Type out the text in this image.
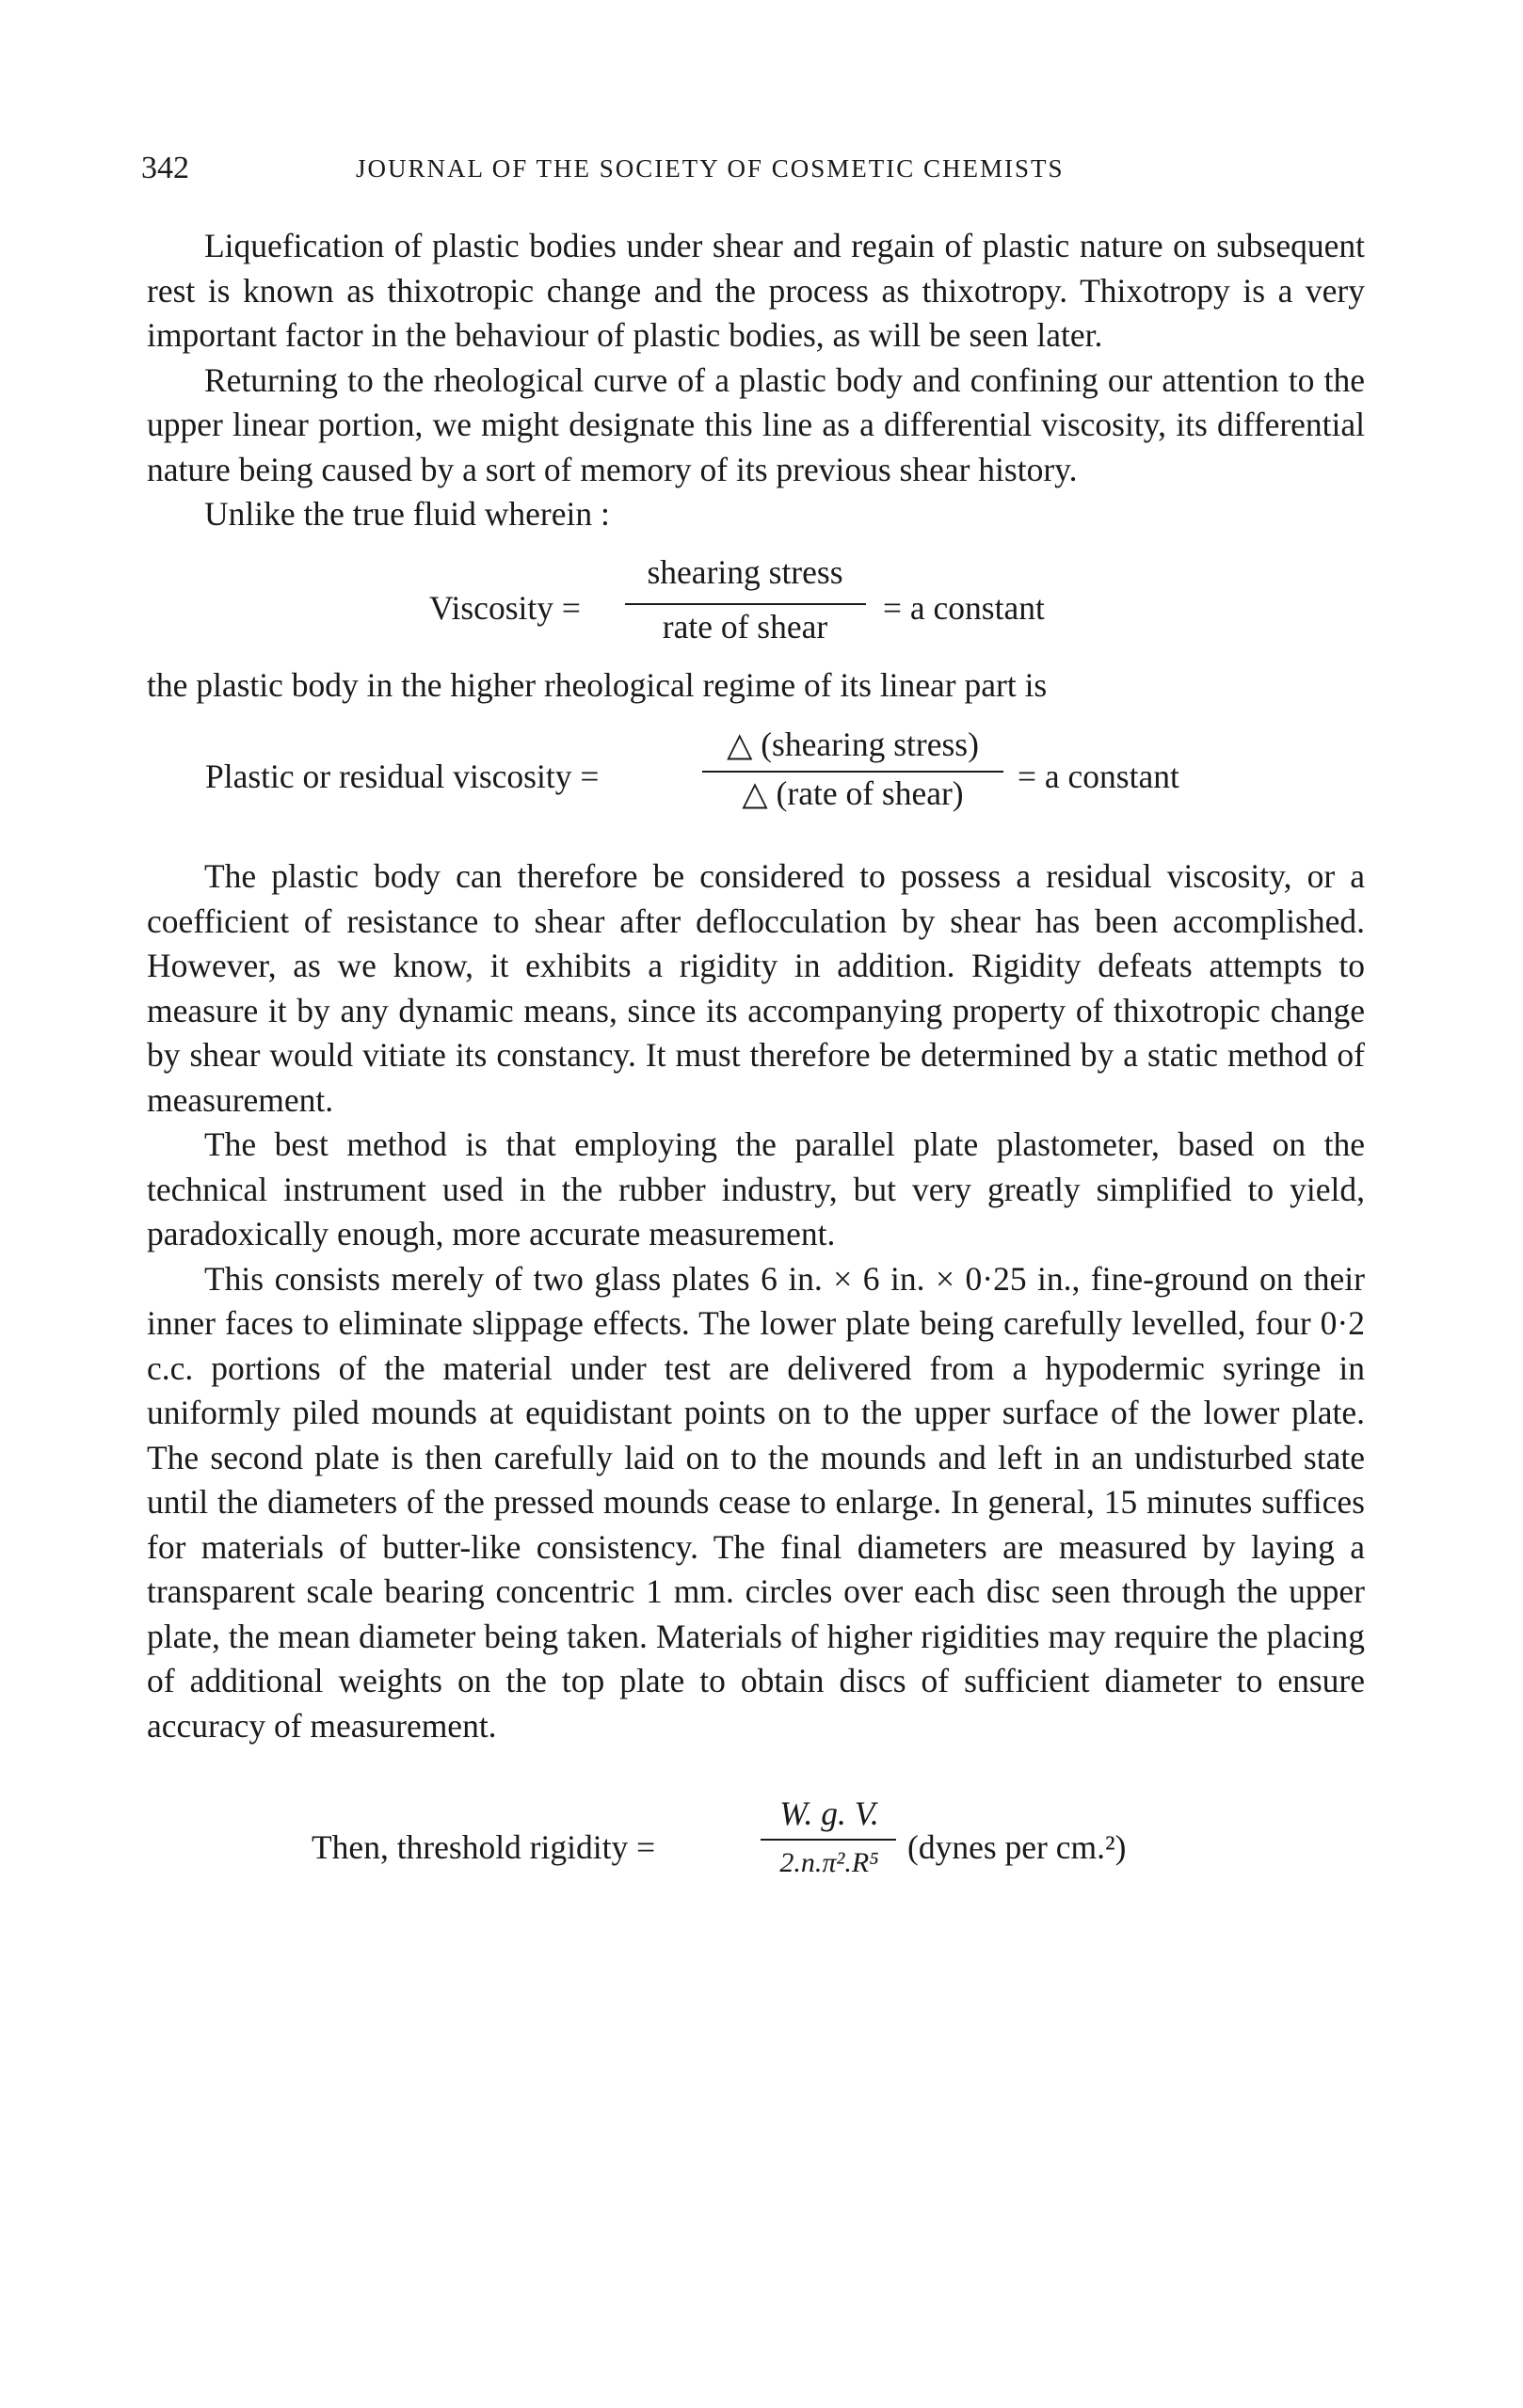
342	JOURNAL OF THE SOCIETY OF COSMETIC CHEMISTS

Liquefication of plastic bodies under shear and regain of plastic nature on subsequent rest is known as thixotropic change and the process as thixotropy. Thixotropy is a very important factor in the behaviour of plastic bodies, as will be seen later.

Returning to the rheological curve of a plastic body and confining our attention to the upper linear portion, we might designate this line as a differential viscosity, its differential nature being caused by a sort of memory of its previous shear history.

Unlike the true fluid wherein :

Viscosity =
shearing stress
rate of shear	= a constant

the plastic body in the higher rheological regime of its linear part is

Plastic or residual viscosity =
△ (shearing stress)
△ (rate of shear)	= a constant

The plastic body can therefore be considered to possess a residual viscosity, or a coefficient of resistance to shear after deflocculation by shear has been accomplished. However, as we know, it exhibits a rigidity in addition. Rigidity defeats attempts to measure it by any dynamic means, since its accompanying property of thixotropic change by shear would vitiate its constancy. It must therefore be determined by a static method of measurement.

The best method is that employing the parallel plate plastometer, based on the technical instrument used in the rubber industry, but very greatly simplified to yield, paradoxically enough, more accurate measurement.

This consists merely of two glass plates 6 in. × 6 in. × 0·25 in., fine-ground on their inner faces to eliminate slippage effects. The lower plate being carefully levelled, four 0·2 c.c. portions of the material under test are delivered from a hypodermic syringe in uniformly piled mounds at equidistant points on to the upper surface of the lower plate. The second plate is then carefully laid on to the mounds and left in an undisturbed state until the diameters of the pressed mounds cease to enlarge. In general, 15 minutes suffices for materials of butter-like consistency. The final diameters are measured by laying a transparent scale bearing concentric 1 mm. circles over each disc seen through the upper plate, the mean diameter being taken. Materials of higher rigidities may require the placing of additional weights on the top plate to obtain discs of sufficient diameter to ensure accuracy of measurement.

Then, threshold rigidity =
W. g. V.
2.n.π².R⁵ (dynes per cm.²)
